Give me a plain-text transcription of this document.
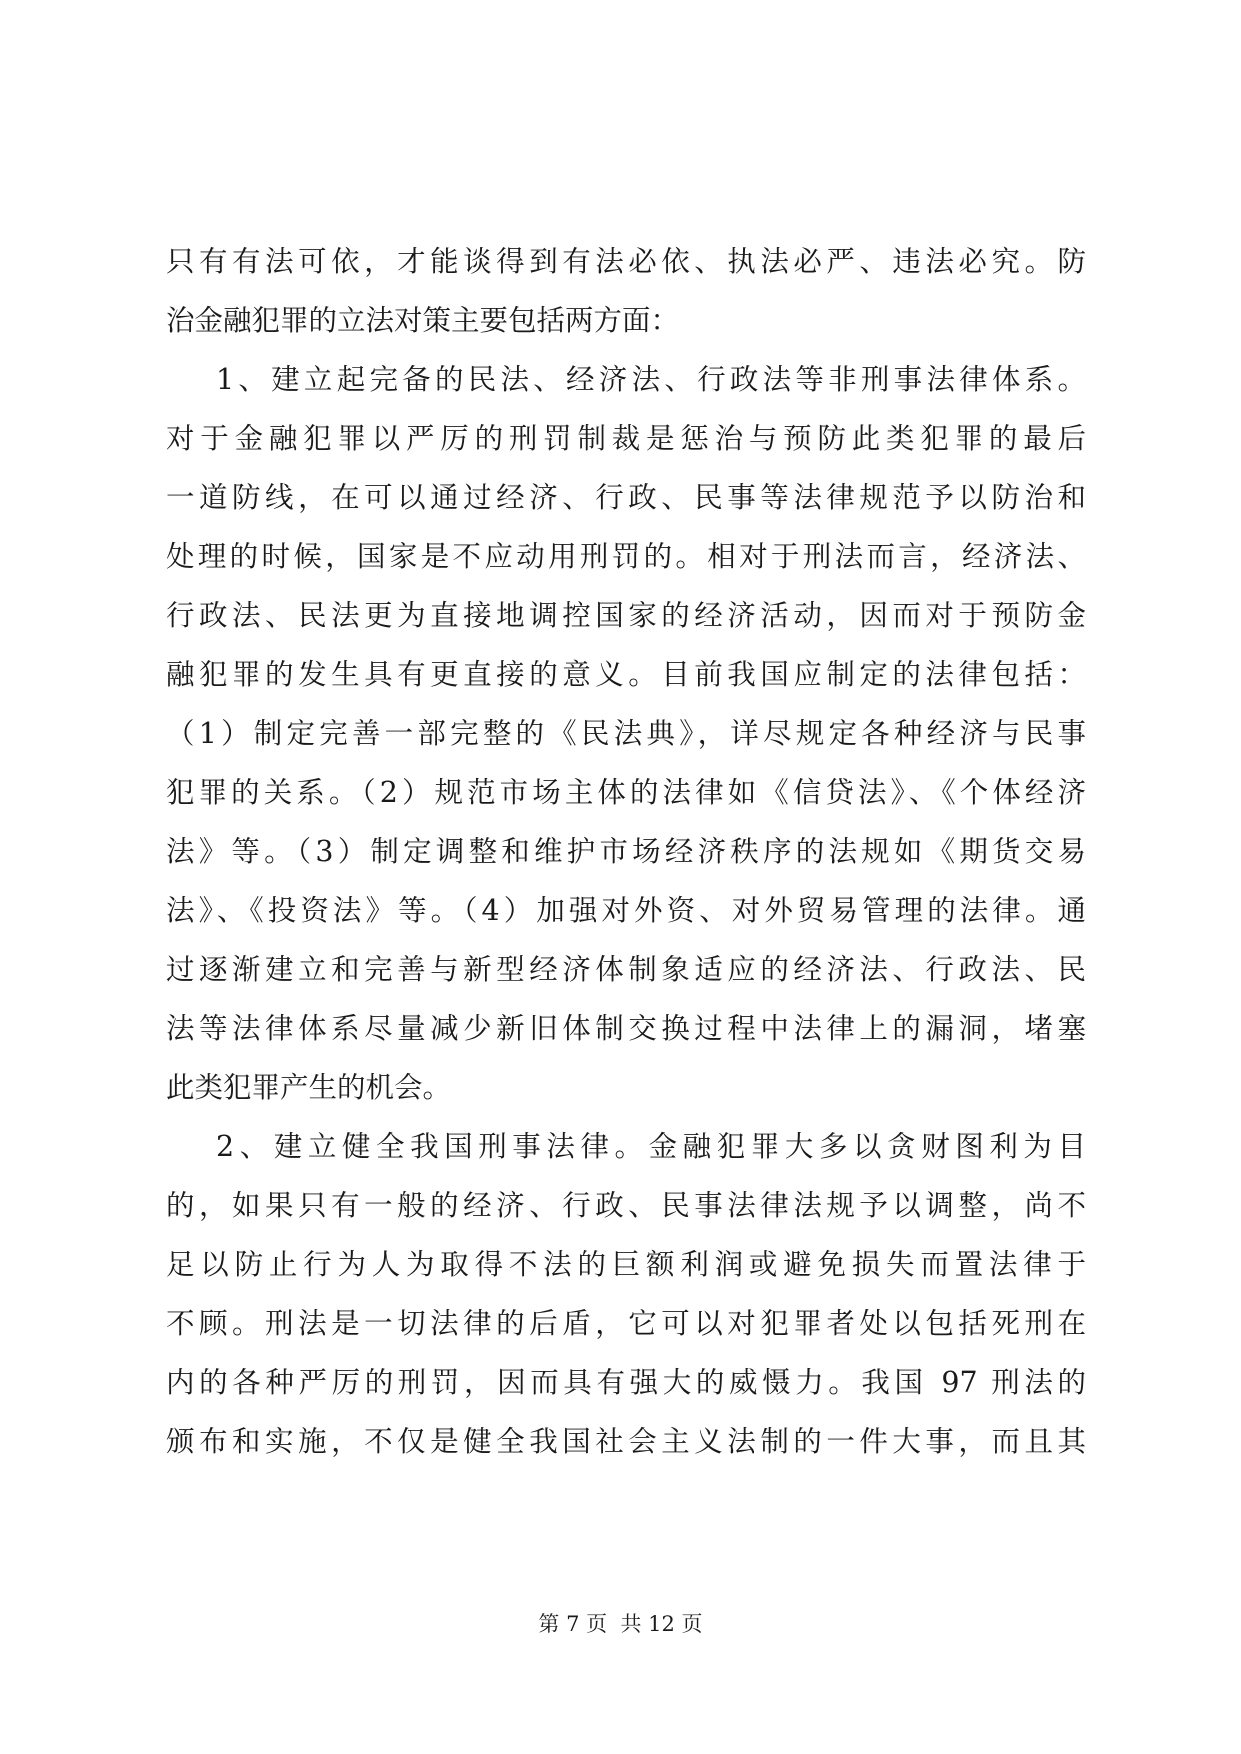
只有有法可依，才能谈得到有法必依、执法必严、违法必究。防
治金融犯罪的立法对策主要包括两方面：
1、建立起完备的民法、经济法、行政法等非刑事法律体系。
对于金融犯罪以严厉的刑罚制裁是惩治与预防此类犯罪的最后
一道防线，在可以通过经济、行政、民事等法律规范予以防治和
处理的时候，国家是不应动用刑罚的。相对于刑法而言，经济法、
行政法、民法更为直接地调控国家的经济活动，因而对于预防金
融犯罪的发生具有更直接的意义。目前我国应制定的法律包括：
（1）制定完善一部完整的《民法典》，详尽规定各种经济与民事
犯罪的关系。（2）规范市场主体的法律如《信贷法》、《个体经济
法》等。（3）制定调整和维护市场经济秩序的法规如《期货交易
法》、《投资法》等。（4）加强对外资、对外贸易管理的法律。通
过逐渐建立和完善与新型经济体制象适应的经济法、行政法、民
法等法律体系尽量减少新旧体制交换过程中法律上的漏洞，堵塞
此类犯罪产生的机会。
2、建立健全我国刑事法律。金融犯罪大多以贪财图利为目
的，如果只有一般的经济、行政、民事法律法规予以调整，尚不
足以防止行为人为取得不法的巨额利润或避免损失而置法律于
不顾。刑法是一切法律的后盾，它可以对犯罪者处以包括死刑在
内的各种严厉的刑罚，因而具有强大的威慑力。我国 97 刑法的
颁布和实施，不仅是健全我国社会主义法制的一件大事，而且其
第 7 页  共 12 页
